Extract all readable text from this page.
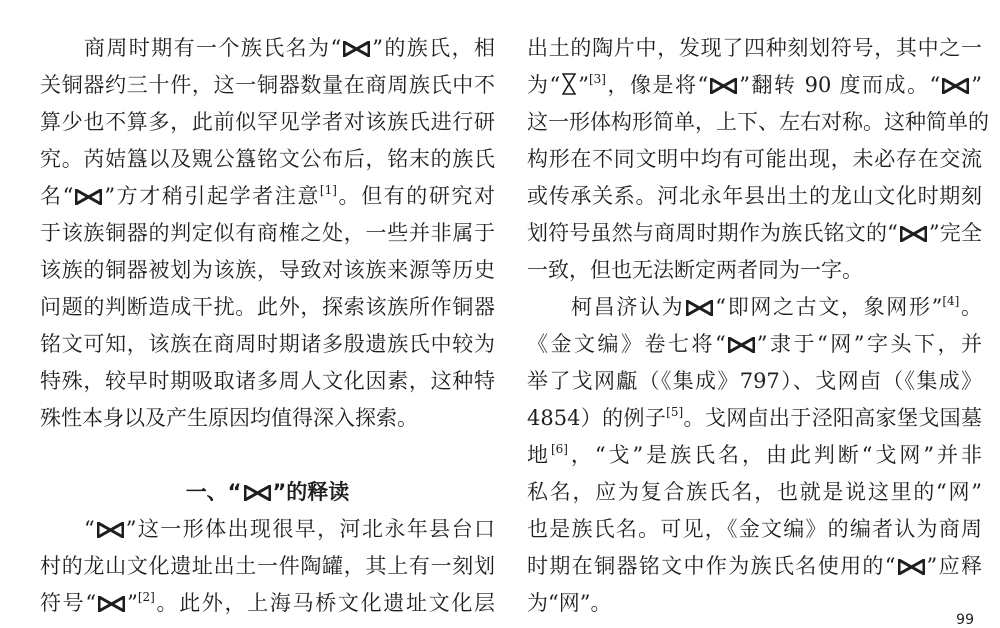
商周时期有一个族氏名为“ ”的族氏，相
关铜器约三十件，这一铜器数量在商周族氏中不
算少也不算多，此前似罕见学者对该族氏进行研
究。芮姞簋以及覭公簋铭文公布后，铭末的族氏
名“ ”方才稍引起学者注意[1]。但有的研究对
于该族铜器的判定似有商榷之处，一些并非属于
该族的铜器被划为该族，导致对该族来源等历史
问题的判断造成干扰。此外，探索该族所作铜器
铭文可知，该族在商周时期诸多殷遗族氏中较为
特殊，较早时期吸取诸多周人文化因素，这种特
殊性本身以及产生原因均值得深入探索。
一、“ ”的释读
“ ”这一形体出现很早，河北永年县台口
村的龙山文化遗址出土一件陶罐，其上有一刻划
符号“ ”[2]。此外，上海马桥文化遗址文化层
出土的陶片中，发现了四种刻划符号，其中之一
为“ ”[3]，像是将“ ”翻转 90 度而成。“ ”
这一形体构形简单，上下、左右对称。这种简单的
构形在不同文明中均有可能出现，未必存在交流
或传承关系。河北永年县出土的龙山文化时期刻
划符号虽然与商周时期作为族氏铭文的“ ”完全
一致，但也无法断定两者同为一字。
柯昌济认为 “即网之古文，象网形”[4]。
《金文编》卷七将“ ”隶于“网”字头下，并
举了戈网甗（《集成》797）、戈网卣（《集成》
4854）的例子[5]。戈网卣出于泾阳高家堡戈国墓
地[6]，“戈”是族氏名，由此判断“戈网”并非
私名，应为复合族氏名，也就是说这里的“网”
也是族氏名。可见，《金文编》的编者认为商周
时期在铜器铭文中作为族氏名使用的“ ”应释
为“网”。
99
